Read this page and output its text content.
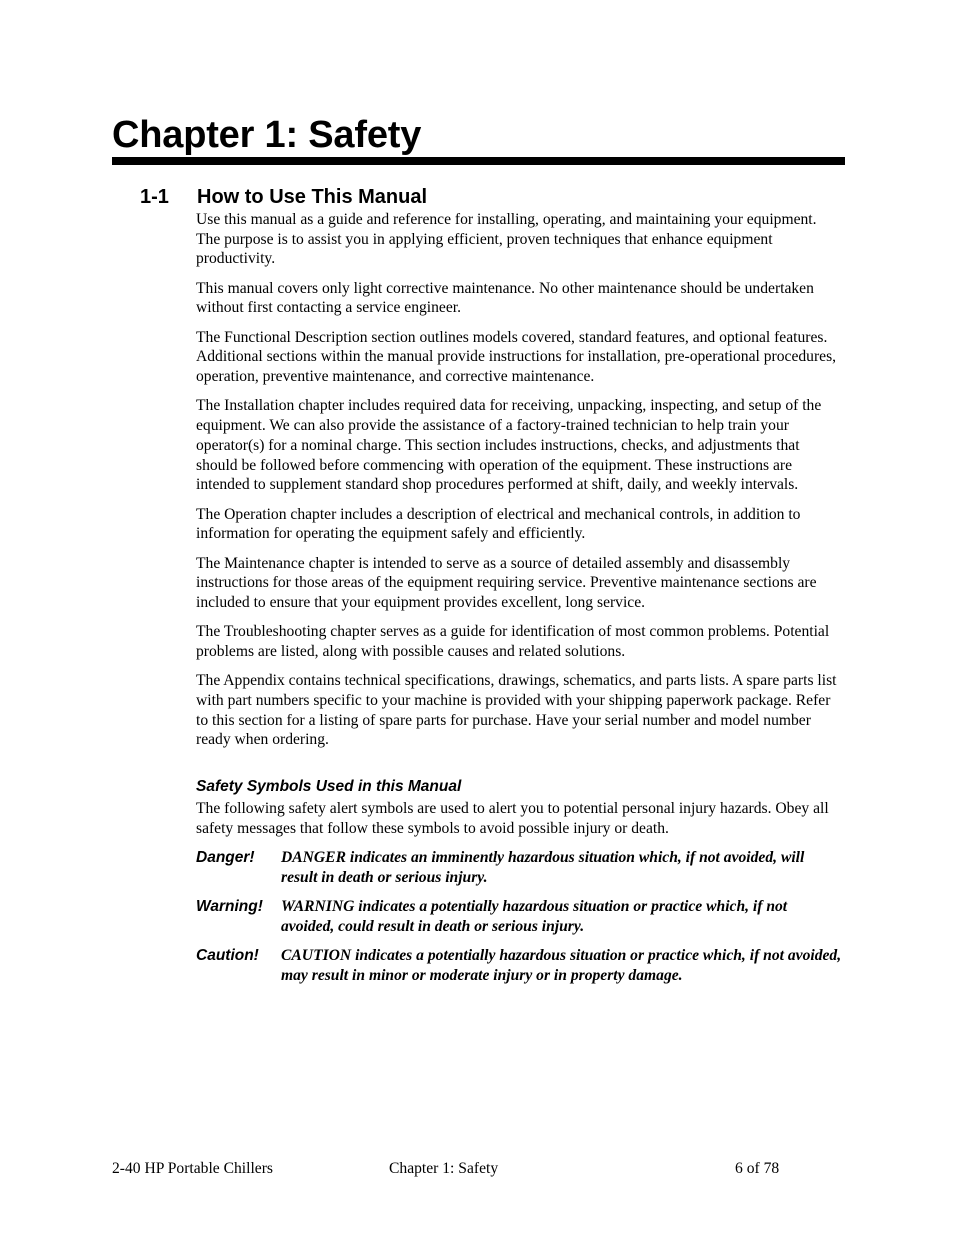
Chapter 1: Safety
1-1 How to Use This Manual

Use this manual as a guide and reference for installing, operating, and maintaining your equipment. The purpose is to assist you in applying efficient, proven techniques that enhance equipment productivity.

This manual covers only light corrective maintenance. No other maintenance should be undertaken without first contacting a service engineer.

The Functional Description section outlines models covered, standard features, and optional features. Additional sections within the manual provide instructions for installation, pre-operational procedures, operation, preventive maintenance, and corrective maintenance.

The Installation chapter includes required data for receiving, unpacking, inspecting, and setup of the equipment. We can also provide the assistance of a factory-trained technician to help train your operator(s) for a nominal charge. This section includes instructions, checks, and adjustments that should be followed before commencing with operation of the equipment. These instructions are intended to supplement standard shop procedures performed at shift, daily, and weekly intervals.

The Operation chapter includes a description of electrical and mechanical controls, in addition to information for operating the equipment safely and efficiently.

The Maintenance chapter is intended to serve as a source of detailed assembly and disassembly instructions for those areas of the equipment requiring service. Preventive maintenance sections are included to ensure that your equipment provides excellent, long service.

The Troubleshooting chapter serves as a guide for identification of most common problems. Potential problems are listed, along with possible causes and related solutions.

The Appendix contains technical specifications, drawings, schematics, and parts lists. A spare parts list with part numbers specific to your machine is provided with your shipping paperwork package. Refer to this section for a listing of spare parts for purchase. Have your serial number and model number ready when ordering.

Safety Symbols Used in this Manual

The following safety alert symbols are used to alert you to potential personal injury hazards. Obey all safety messages that follow these symbols to avoid possible injury or death.

Danger!	DANGER indicates an imminently hazardous situation which, if not avoided, will result in death or serious injury.
Warning!	WARNING indicates a potentially hazardous situation or practice which, if not avoided, could result in death or serious injury.
Caution!	CAUTION indicates a potentially hazardous situation or practice which, if not avoided, may result in minor or moderate injury or in property damage.
2-40 HP Portable Chillers	Chapter 1: Safety	6 of 78
